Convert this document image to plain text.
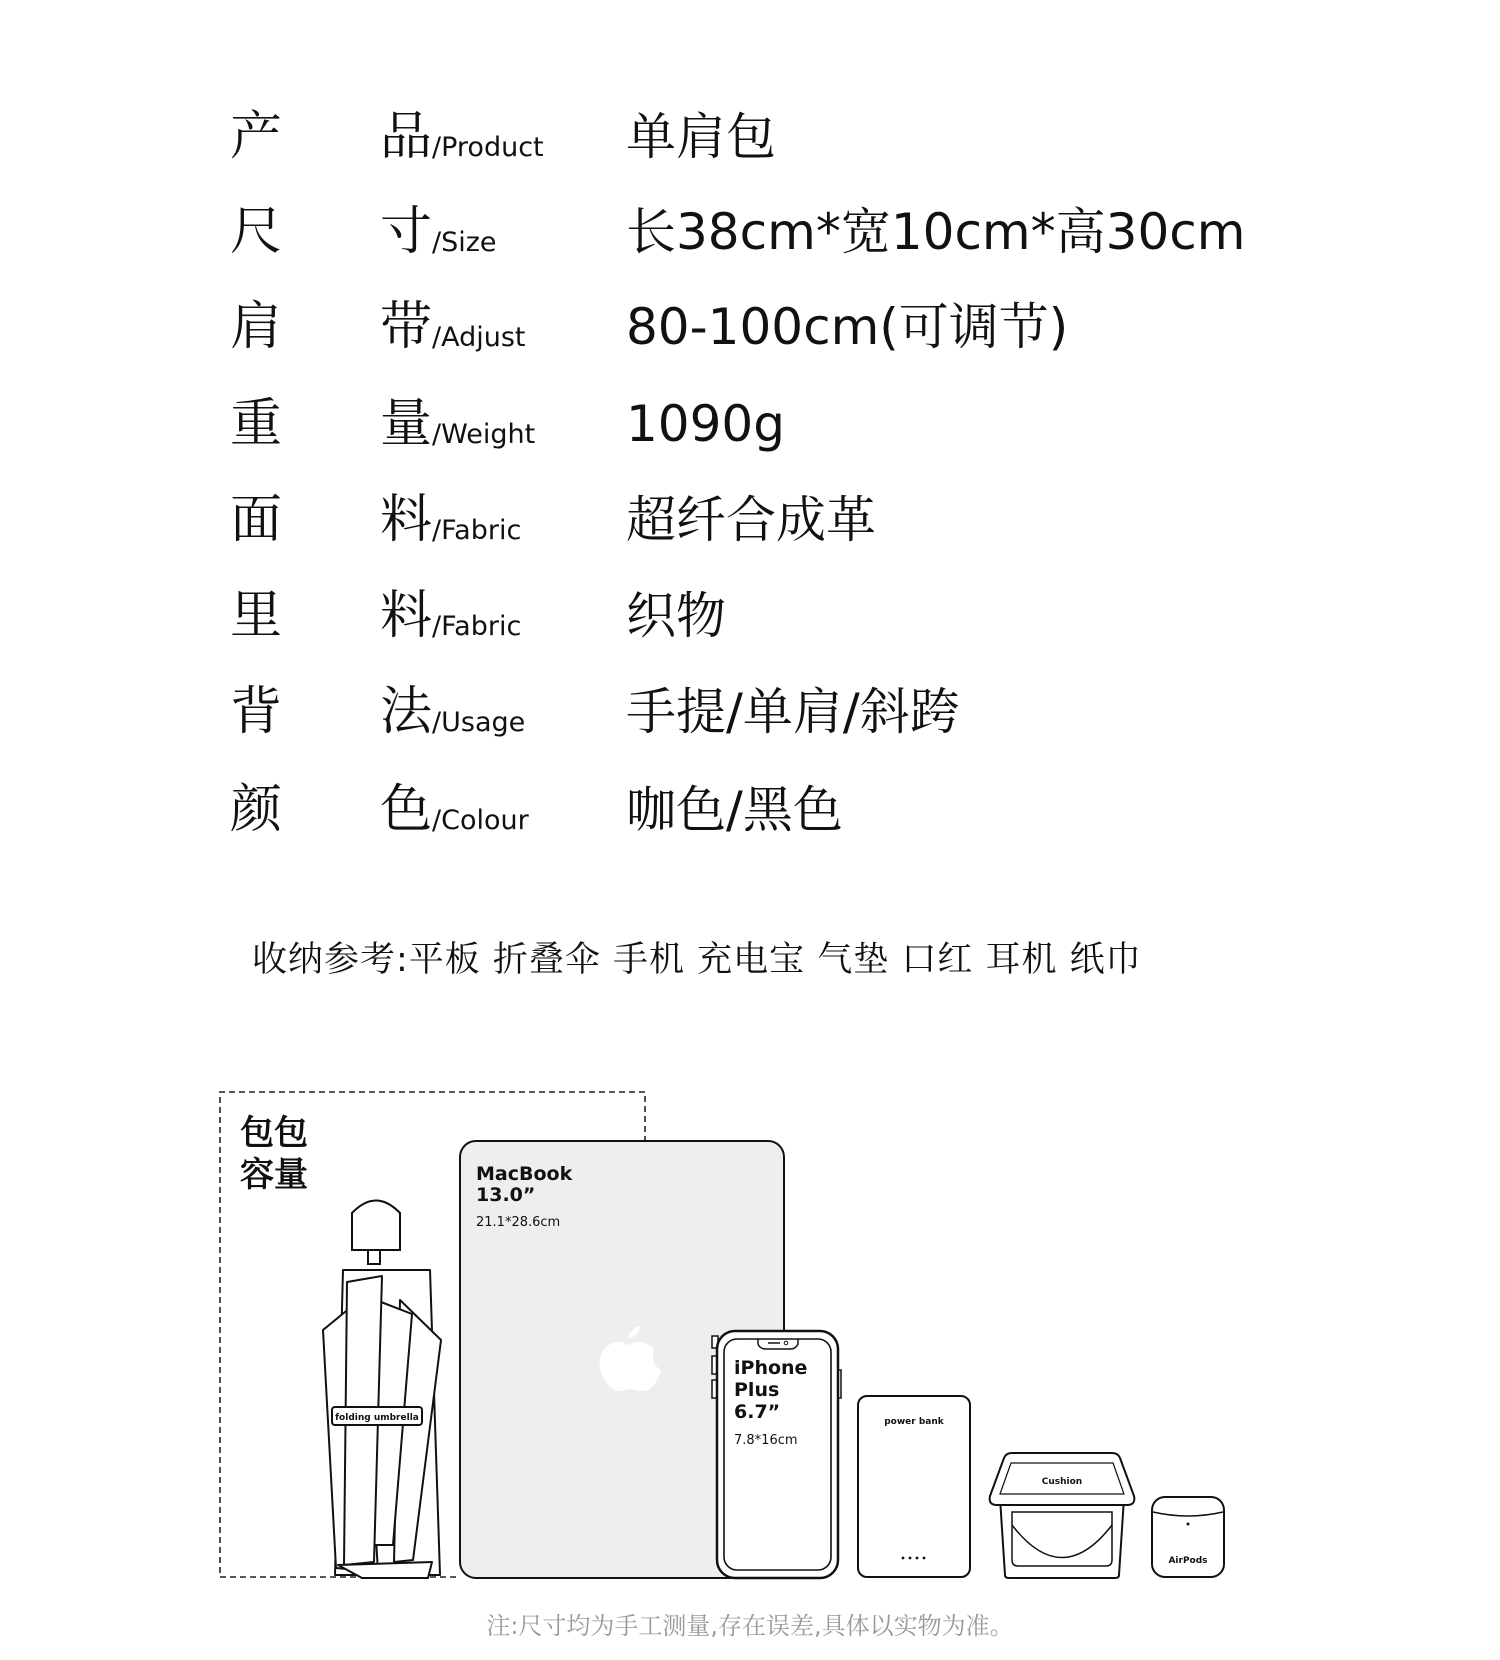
产 品/Product 单肩包
尺 寸/Size	长38cm*宽10cm*高30cm
肩 带/Adjust 80-100cm(可调节)
重 量/Weight 1090g
面 料/Fabric 超纤合成革
里 料/Fabric 织物
背 法/Usage 手提/单肩/斜跨
颜 色/Colour 咖色/黑色
收纳参考:平板 折叠伞 手机 充电宝 气垫 口红 耳机 纸巾
包包
容量
folding umbrella
MacBook
13.0”
21.1*28.6cm
iPhone
Plus
6.7”
7.8*16cm
power bank
Cushion
AirPods
注:尺寸均为手工测量,存在误差,具体以实物为准。
